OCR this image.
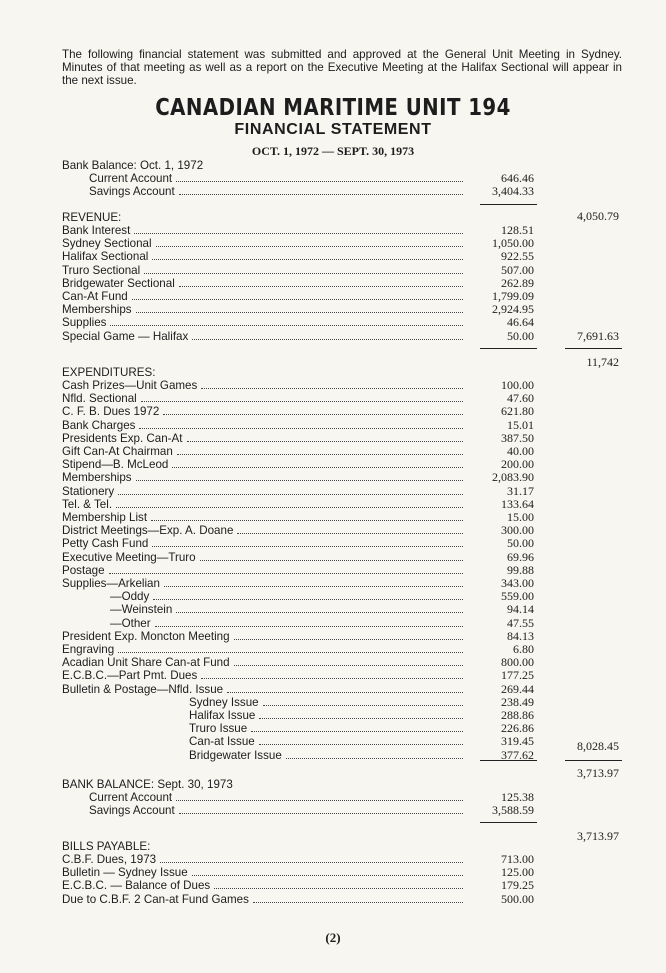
The following financial statement was submitted and approved at the General Unit Meeting in Sydney. Minutes of that meeting as well as a report on the Executive Meeting at the Halifax Sectional will appear in the next issue.

CANADIAN MARITIME UNIT 194
FINANCIAL STATEMENT
OCT. 1, 1972 — SEPT. 30, 1973
Bank Balance: Oct. 1, 1972
Current Account	646.46
Savings Account	3,404.33
4,050.79
REVENUE:
Bank Interest	128.51
Sydney Sectional	1,050.00
Halifax Sectional	922.55
Truro Sectional	507.00
Bridgewater Sectional	262.89
Can-At Fund	1,799.09
Memberships	2,924.95
Supplies	46.64
Special Game — Halifax	50.00	7,691.63
11,742
EXPENDITURES:
Cash Prizes—Unit Games	100.00
Nfld. Sectional	47.60
C. F. B. Dues 1972	621.80
Bank Charges	15.01
Presidents Exp. Can-At	387.50
Gift Can-At Chairman	40.00
Stipend—B. McLeod	200.00
Memberships	2,083.90
Stationery	31.17
Tel. & Tel.	133.64
Membership List	15.00
District Meetings—Exp. A. Doane	300.00
Petty Cash Fund	50.00
Executive Meeting—Truro	69.96
Postage	99.88
Supplies—Arkelian	343.00
—Oddy	559.00
—Weinstein	94.14
—Other	47.55
President Exp. Moncton Meeting	84.13
Engraving	6.80
Acadian Unit Share Can-at Fund	800.00
E.C.B.C.—Part Pmt. Dues	177.25
Bulletin & Postage—Nfld. Issue	269.44
Sydney Issue	238.49
Halifax Issue	288.86
Truro Issue	226.86
Can-at Issue	319.45
Bridgewater Issue	377.62
8,028.45
3,713.97
BANK BALANCE: Sept. 30, 1973
Current Account	125.38
Savings Account	3,588.59
3,713.97
BILLS PAYABLE:
C.B.F. Dues, 1973	713.00
Bulletin — Sydney Issue	125.00
E.C.B.C. — Balance of Dues	179.25
Due to C.B.F. 2 Can-at Fund Games	500.00
(2)
